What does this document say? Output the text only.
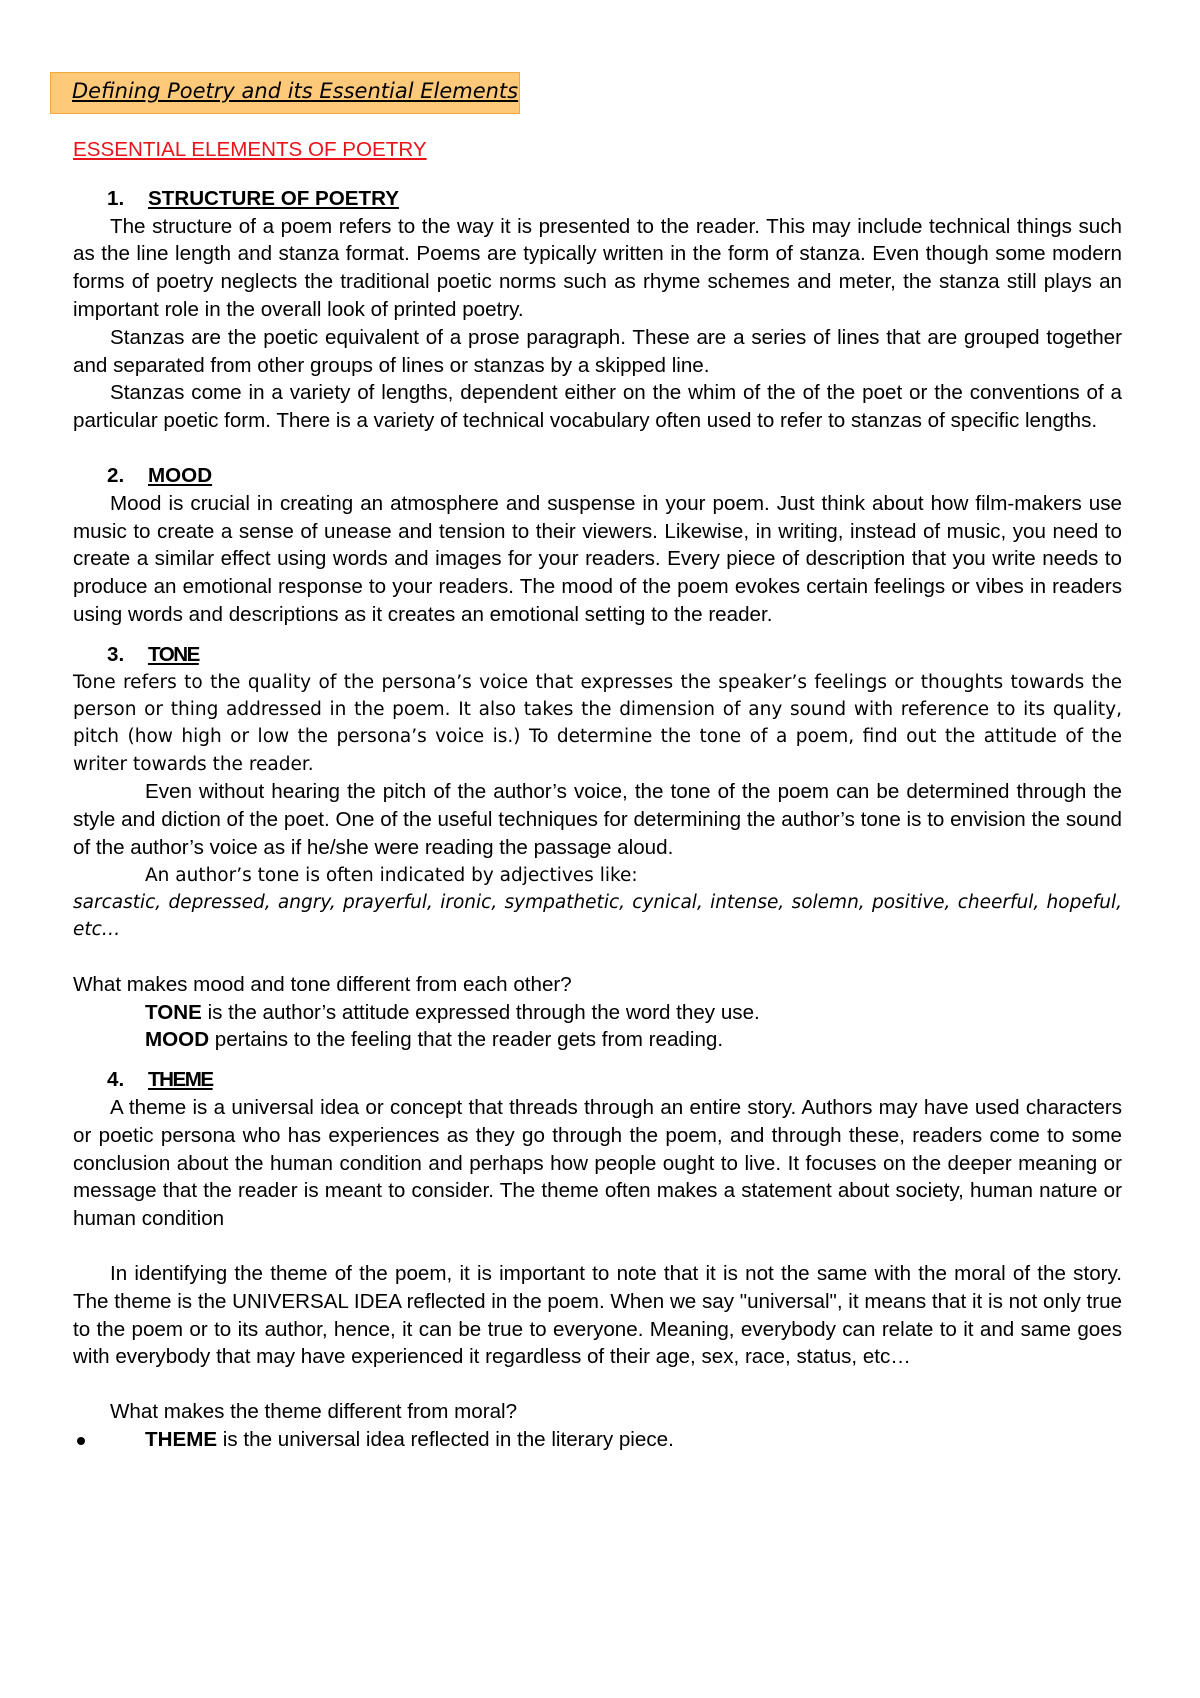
Defining Poetry and its Essential Elements

ESSENTIAL ELEMENTS OF POETRY

1. STRUCTURE OF POETRY

The structure of a poem refers to the way it is presented to the reader. This may include technical things such as the line length and stanza format. Poems are typically written in the form of stanza. Even though some modern forms of poetry neglects the traditional poetic norms such as rhyme schemes and meter, the stanza still plays an important role in the overall look of printed poetry.

Stanzas are the poetic equivalent of a prose paragraph. These are a series of lines that are grouped together and separated from other groups of lines or stanzas by a skipped line.

Stanzas come in a variety of lengths, dependent either on the whim of the of the poet or the conventions of a particular poetic form. There is a variety of technical vocabulary often used to refer to stanzas of specific lengths.

2. MOOD

Mood is crucial in creating an atmosphere and suspense in your poem. Just think about how film-makers use music to create a sense of unease and tension to their viewers. Likewise, in writing, instead of music, you need to create a similar effect using words and images for your readers. Every piece of description that you write needs to produce an emotional response to your readers. The mood of the poem evokes certain feelings or vibes in readers using words and descriptions as it creates an emotional setting to the reader.

3. TONE

Tone refers to the quality of the persona’s voice that expresses the speaker’s feelings or thoughts towards the person or thing addressed in the poem. It also takes the dimension of any sound with reference to its quality, pitch (how high or low the persona’s voice is.) To determine the tone of a poem, find out the attitude of the writer towards the reader.

Even without hearing the pitch of the author’s voice, the tone of the poem can be determined through the style and diction of the poet. One of the useful techniques for determining the author’s tone is to envision the sound of the author’s voice as if he/she were reading the passage aloud.

An author’s tone is often indicated by adjectives like:

sarcastic, depressed, angry, prayerful, ironic, sympathetic, cynical, intense, solemn, positive, cheerful, hopeful, etc…

What makes mood and tone different from each other?

TONE is the author’s attitude expressed through the word they use.

MOOD pertains to the feeling that the reader gets from reading.

4. THEME

A theme is a universal idea or concept that threads through an entire story. Authors may have used characters or poetic persona who has experiences as they go through the poem, and through these, readers come to some conclusion about the human condition and perhaps how people ought to live. It focuses on the deeper meaning or message that the reader is meant to consider. The theme often makes a statement about society, human nature or human condition

In identifying the theme of the poem, it is important to note that it is not the same with the moral of the story. The theme is the UNIVERSAL IDEA reflected in the poem. When we say "universal", it means that it is not only true to the poem or to its author, hence, it can be true to everyone. Meaning, everybody can relate to it and same goes with everybody that may have experienced it regardless of their age, sex, race, status, etc…

What makes the theme different from moral?

THEME is the universal idea reflected in the literary piece.
